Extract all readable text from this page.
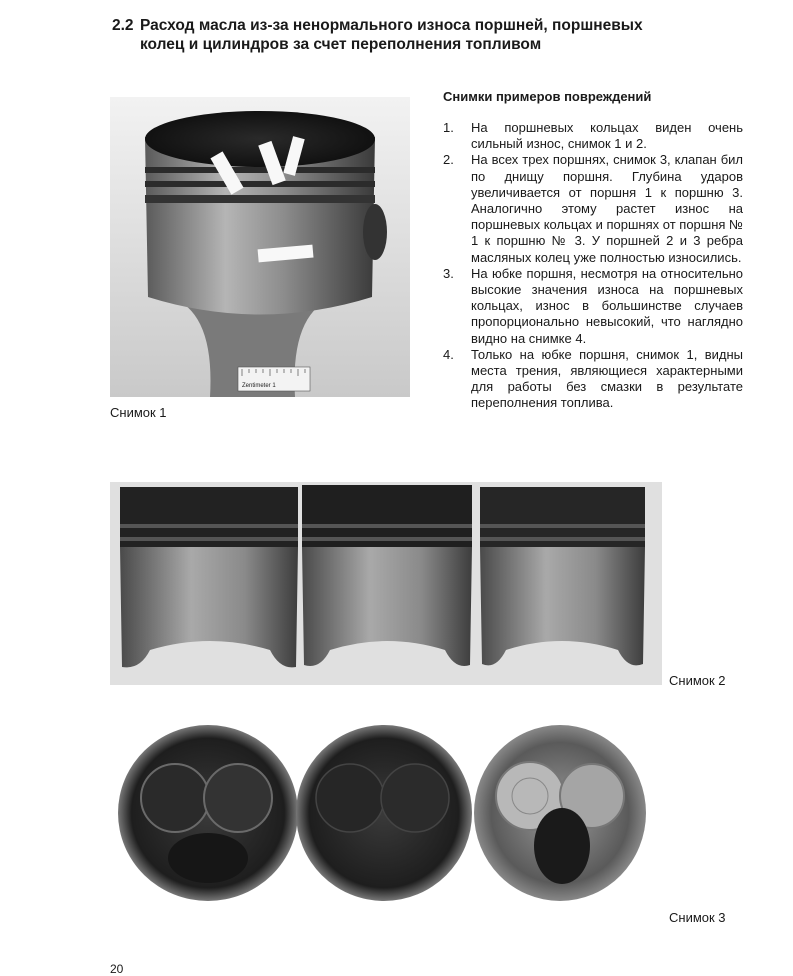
2.2 Расход масла из-за ненормального износа поршней, поршневых
колец и цилиндров за счет переполнения топливом
Zentimeter 1
Снимок 1
Снимки примеров повреждений
1. На поршневых кольцах виден очень сильный износ, снимок 1 и 2.
2. На всех трех поршнях, снимок 3, клапан бил по днищу поршня. Глубина ударов увеличивается от поршня 1 к поршню 3. Аналогично этому растет износ на поршневых кольцах и поршнях от поршня № 1 к поршню № 3. У поршней 2 и 3 ребра масляных колец уже полностью износились.
3. На юбке поршня, несмотря на относительно высокие значения износа на поршневых кольцах, износ в большинстве случаев пропорционально невысокий, что наглядно видно на снимке 4.
4. Только на юбке поршня, снимок 1, видны места трения, являющиеся характерными для работы без смазки в результате переполнения топлива.
Снимок 2
Снимок 3
20
